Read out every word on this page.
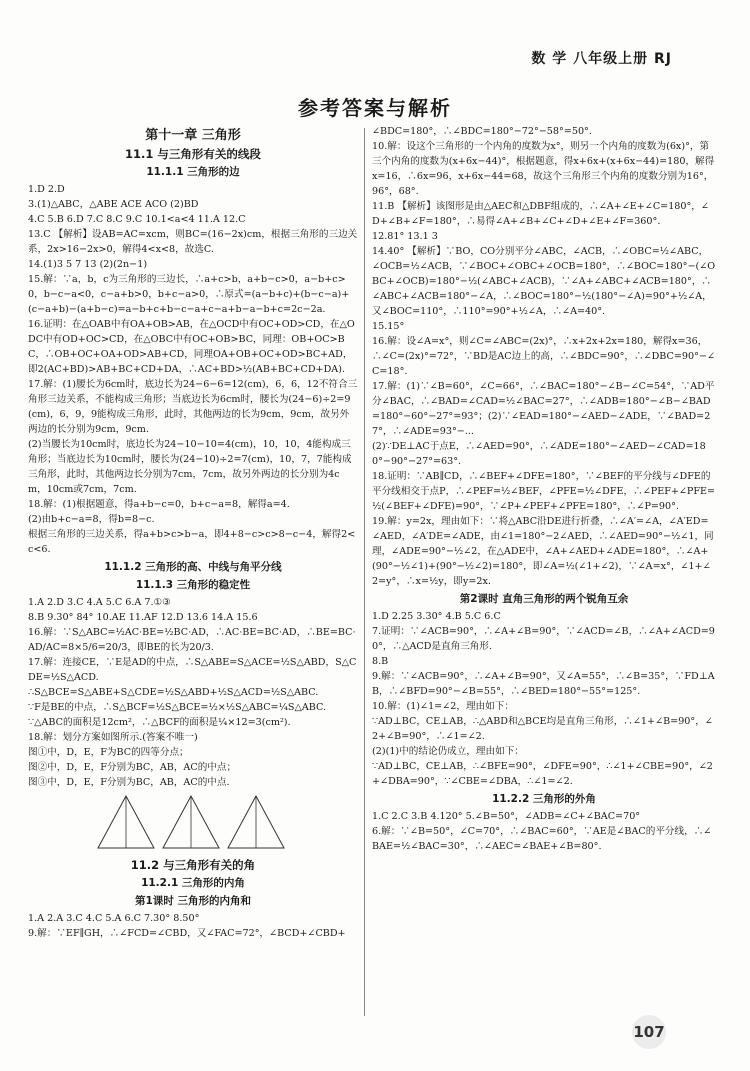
数 学 八年级上册 RJ
参考答案与解析
第十一章 三角形
11.1 与三角形有关的线段
11.1.1 三角形的边
1.D 2.D
3.(1)△ABC，△ABE ACE ACO (2)BD
4.C 5.B 6.D 7.C 8.C 9.C 10.1<a<4 11.A 12.C
13.C 【解析】设AB=AC=xcm，则BC=(16−2x)cm，根据三角形的三边关系，2x>16−2x>0，解得4<x<8，故选C.
14.(1)3 5 7 13 (2)(2n−1)
15.解：∵a，b，c为三角形的三边长，∴a+c>b，a+b−c>0，a−b+c>0，b−c−a<0，c−a+b>0，b+c−a>0，∴原式=(a−b+c)+(b−c−a)+(c−a+b)−(a+b−c)=a−b+c+b−c−a+c−a+b−a−b+c=2c−2a.
16.证明：在△OAB中有OA+OB>AB，在△OCD中有OC+OD>CD，在△ODC中有OD+OC>CD，在△OBC中有OC+OB>BC，同理：OB+OC>BC，∴OB+OC+OA+OD>AB+CD，同理OA+OB+OC+OD>BC+AD，即2(AC+BD)>AB+BC+CD+DA，∴AC+BD>½(AB+BC+CD+DA).
17.解：(1)腰长为6cm时，底边长为24−6−6=12(cm)，6，6，12不符合三角形三边关系，不能构成三角形；当底边长为6cm时，腰长为(24−6)÷2=9(cm)，6，9，9能构成三角形，此时，其他两边的长为9cm，9cm，故另外两边的长分别为9cm，9cm.
(2)当腰长为10cm时，底边长为24−10−10=4(cm)，10，10，4能构成三角形；当底边长为10cm时，腰长为(24−10)÷2=7(cm)，10，7，7能构成三角形，此时，其他两边长分别为7cm，7cm，故另外两边的长分别为4cm，10cm或7cm，7cm.
18.解：(1)根据题意，得a+b−c=0，b+c−a=8，解得a=4.
(2)由b+c−a=8，得b=8−c.
根据三角形的三边关系，得a+b>c>b−a，即4+8−c>c>8−c−4，解得2<c<6.
11.1.2 三角形的高、中线与角平分线
11.1.3 三角形的稳定性
1.A 2.D 3.C 4.A 5.C 6.A 7.①③
8.B 9.30° 84° 10.AE 11.AF 12.D 13.6 14.A 15.6
16.解：∵S△ABC=½AC·BE=½BC·AD，∴AC·BE=BC·AD，∴BE=BC·AD/AC=8×5/6=20/3，即BE的长为20/3.
17.解：连接CE，∵E是AD的中点，∴S△ABE=S△ACE=½S△ABD，S△CDE=½S△ACD.
∴S△BCE=S△ABE+S△CDE=½S△ABD+½S△ACD=½S△ABC.
∵F是BE的中点，∴S△BCF=½S△BCE=½×½S△ABC=¼S△ABC.
∵△ABC的面积是12cm²，∴△BCF的面积是¼×12=3(cm²).
18.解：划分方案如图所示.(答案不唯一)
图①中，D，E，F为BC的四等分点；
图②中，D，E，F分别为BC，AB，AC的中点；
图③中，D，E，F分别为BC，AB，AC的中点.
11.2 与三角形有关的角
11.2.1 三角形的内角
第1课时 三角形的内角和
1.A 2.A 3.C 4.C 5.A 6.C 7.30° 8.50°
9.解：∵EF∥GH，∴∠FCD=∠CBD，又∠FAC=72°，∠BCD+∠CBD+
∠BDC=180°，∴∠BDC=180°−72°−58°=50°.
10.解：设这个三角形的一个内角的度数为x°，则另一个内角的度数为(6x)°，第三个内角的度数为(x+6x−44)°，根据题意，得x+6x+(x+6x−44)=180，解得x=16，∴6x=96，x+6x−44=68，故这个三角形三个内角的度数分别为16°，96°，68°.
11.B 【解析】该图形是由△AEC和△DBF组成的，∴∠A+∠E+∠C=180°，∠D+∠B+∠F=180°，∴易得∠A+∠B+∠C+∠D+∠E+∠F=360°.
12.81° 13.1 3
14.40° 【解析】∵BO，CO分别平分∠ABC，∠ACB，∴∠OBC=½∠ABC，∠OCB=½∠ACB，∵∠BOC+∠OBC+∠OCB=180°，∴∠BOC=180°−(∠OBC+∠OCB)=180°−½(∠ABC+∠ACB)，∵∠A+∠ABC+∠ACB=180°，∴∠ABC+∠ACB=180°−∠A，∴∠BOC=180°−½(180°−∠A)=90°+½∠A，又∠BOC=110°，∴110°=90°+½∠A，∴∠A=40°.
15.15°
16.解：设∠A=x°，则∠C=∠ABC=(2x)°，∴x+2x+2x=180，解得x=36，∴∠C=(2x)°=72°，∵BD是AC边上的高，∴∠BDC=90°，∴∠DBC=90°−∠C=18°.
17.解：(1)∵∠B=60°，∠C=66°，∴∠BAC=180°−∠B−∠C=54°，∵AD平分∠BAC，∴∠BAD=∠CAD=½∠BAC=27°，∴∠ADB=180°−∠B−∠BAD=180°−60°−27°=93°；(2)∵∠EAD=180°−∠AED−∠ADE，∵∠BAD=27°，∴∠ADE=93°−...
(2)∵DE⊥AC于点E，∴∠AED=90°，∴∠ADE=180°−∠AED−∠CAD=180°−90°−27°=63°.
18.证明：∵AB∥CD，∴∠BEF+∠DFE=180°，∵∠BEF的平分线与∠DFE的平分线相交于点P，∴∠PEF=½∠BEF，∠PFE=½∠DFE，∴∠PEF+∠PFE=½(∠BEF+∠DFE)=90°，∵∠P+∠PEF+∠PFE=180°，∴∠P=90°.
19.解：y=2x，理由如下：∵将△ABC沿DE进行折叠，∴∠A′=∠A，∠A′ED=∠AED，∠A′DE=∠ADE，由∠1=180°−2∠AED，∴∠AED=90°−½∠1，同理，∠ADE=90°−½∠2，在△ADE中，∠A+∠AED+∠ADE=180°，∴∠A+(90°−½∠1)+(90°−½∠2)=180°，即∠A=½(∠1+∠2)，∵∠A=x°，∠1+∠2=y°，∴x=½y，即y=2x.
第2课时 直角三角形的两个锐角互余
1.D 2.25 3.30° 4.B 5.C 6.C
7.证明：∵∠ACB=90°，∴∠A+∠B=90°，∵∠ACD=∠B，∴∠A+∠ACD=90°，∴△ACD是直角三角形.
8.B
9.解：∵∠ACB=90°，∴∠A+∠B=90°，又∠A=55°，∴∠B=35°，∵FD⊥AB，∴∠BFD=90°−∠B=55°，∴∠BED=180°−55°=125°.
10.解：(1)∠1=∠2，理由如下：
∵AD⊥BC，CE⊥AB，∴△ABD和△BCE均是直角三角形，∴∠1+∠B=90°，∠2+∠B=90°，∴∠1=∠2.
(2)(1)中的结论仍成立，理由如下：
∵AD⊥BC，CE⊥AB，∴∠BFE=90°，∠DFE=90°，∴∠1+∠CBE=90°，∠2+∠DBA=90°，∵∠CBE=∠DBA，∴∠1=∠2.
11.2.2 三角形的外角
1.C 2.C 3.B 4.120° 5.∠B=50°，∠ADB=∠C+∠BAC=70°
6.解：∵∠B=50°，∠C=70°，∴∠BAC=60°，∵AE是∠BAC的平分线，∴∠BAE=½∠BAC=30°，∴∠AEC=∠BAE+∠B=80°.
107
